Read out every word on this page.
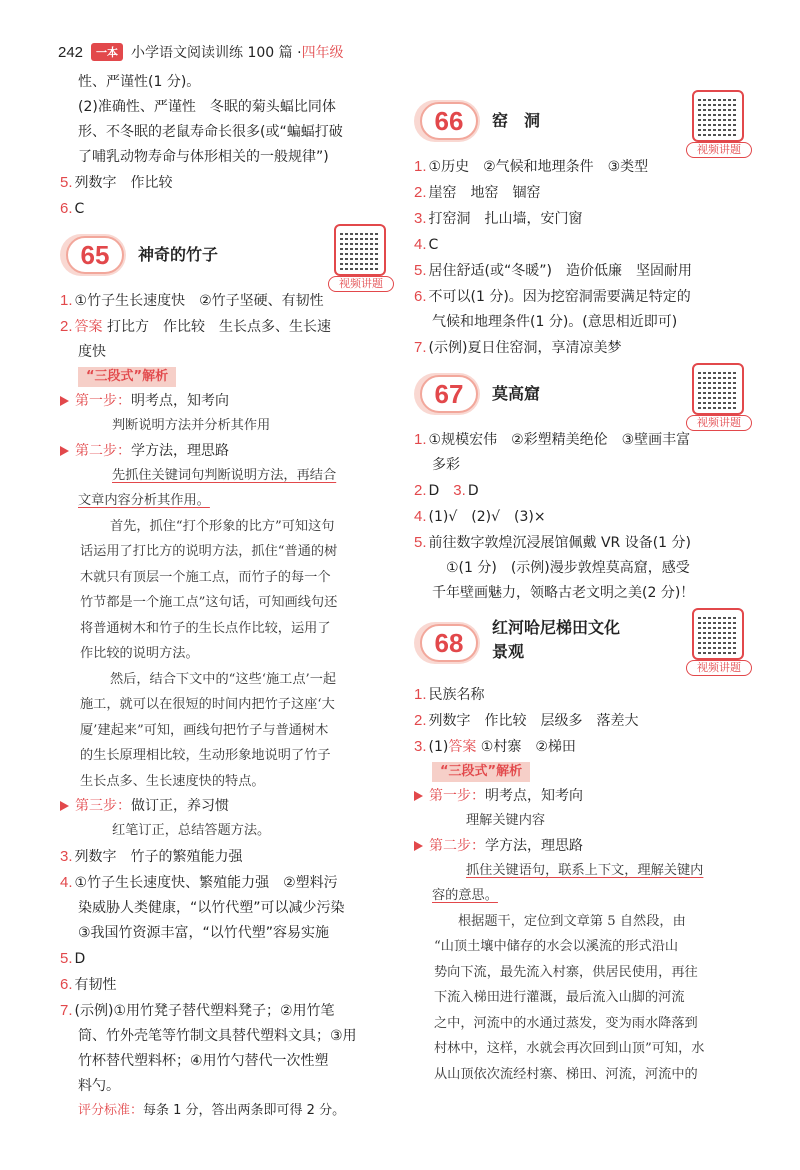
242	一本 小学语文阅读训练 100 篇 · 四年级
性、严谨性(1 分)。
(2)准确性、严谨性　冬眠的菊头蝠比同体
形、不冬眠的老鼠寿命长很多(或“蝙蝠打破
了哺乳动物寿命与体形相关的一般规律”)
5. 列数字　作比较
6. C
65	神奇的竹子
视频讲题
1. ①竹子生长速度快　②竹子坚硬、有韧性
2. 答案 打比方　作比较　生长点多、生长速
度快
“三段式”解析
第一步：明考点，知考向
判断说明方法并分析其作用
第二步：学方法，理思路
先抓住关键词句判断说明方法，再结合
文章内容分析其作用。
首先，抓住“打个形象的比方”可知这句
话运用了打比方的说明方法，抓住“普通的树
木就只有顶层一个施工点，而竹子的每一个
竹节都是一个施工点”这句话，可知画线句还
将普通树木和竹子的生长点作比较，运用了
作比较的说明方法。
然后，结合下文中的“这些‘施工点’一起
施工，就可以在很短的时间内把竹子这座‘大
厦’建起来”可知，画线句把竹子与普通树木
的生长原理相比较，生动形象地说明了竹子
生长点多、生长速度快的特点。
第三步：做订正，养习惯
红笔订正，总结答题方法。
3. 列数字　竹子的繁殖能力强
4. ①竹子生长速度快、繁殖能力强　②塑料污
染威胁人类健康，“以竹代塑”可以减少污染
③我国竹资源丰富，“以竹代塑”容易实施
5. D
6. 有韧性
7. (示例)①用竹凳子替代塑料凳子；②用竹笔
筒、竹外壳笔等竹制文具替代塑料文具；③用
竹杯替代塑料杯；④用竹勺替代一次性塑
料勺。
评分标准：每条 1 分，答出两条即可得 2 分。
66	窑　洞
视频讲题
1. ①历史　②气候和地理条件　③类型
2. 崖窑　地窑　锢窑
3. 打窑洞　扎山墙，安门窗
4. C
5. 居住舒适(或“冬暖”)　造价低廉　坚固耐用
6. 不可以(1 分)。因为挖窑洞需要满足特定的
气候和地理条件(1 分)。(意思相近即可)
7. (示例)夏日住窑洞，享清凉美梦
67	莫高窟
视频讲题
1. ①规模宏伟　②彩塑精美绝伦　③壁画丰富
多彩
2. D　3. D
4. (1)√　(2)√　(3)×
5. 前往数字敦煌沉浸展馆佩戴 VR 设备(1 分)
　①(1 分)　(示例)漫步敦煌莫高窟，感受
千年壁画魅力，领略古老文明之美(2 分)！
68
红河哈尼梯田文化
景观
视频讲题
1. 民族名称
2. 列数字　作比较　层级多　落差大
3. (1)答案 ①村寨　②梯田
“三段式”解析
第一步：明考点，知考向
理解关键内容
第二步：学方法，理思路
抓住关键语句，联系上下文，理解关键内
容的意思。
根据题干，定位到文章第 5 自然段，由
“山顶土壤中储存的水会以溪流的形式沿山
势向下流，最先流入村寨，供居民使用，再往
下流入梯田进行灌溉，最后流入山脚的河流
之中，河流中的水通过蒸发，变为雨水降落到
村林中，这样，水就会再次回到山顶”可知，水
从山顶依次流经村寨、梯田、河流，河流中的
